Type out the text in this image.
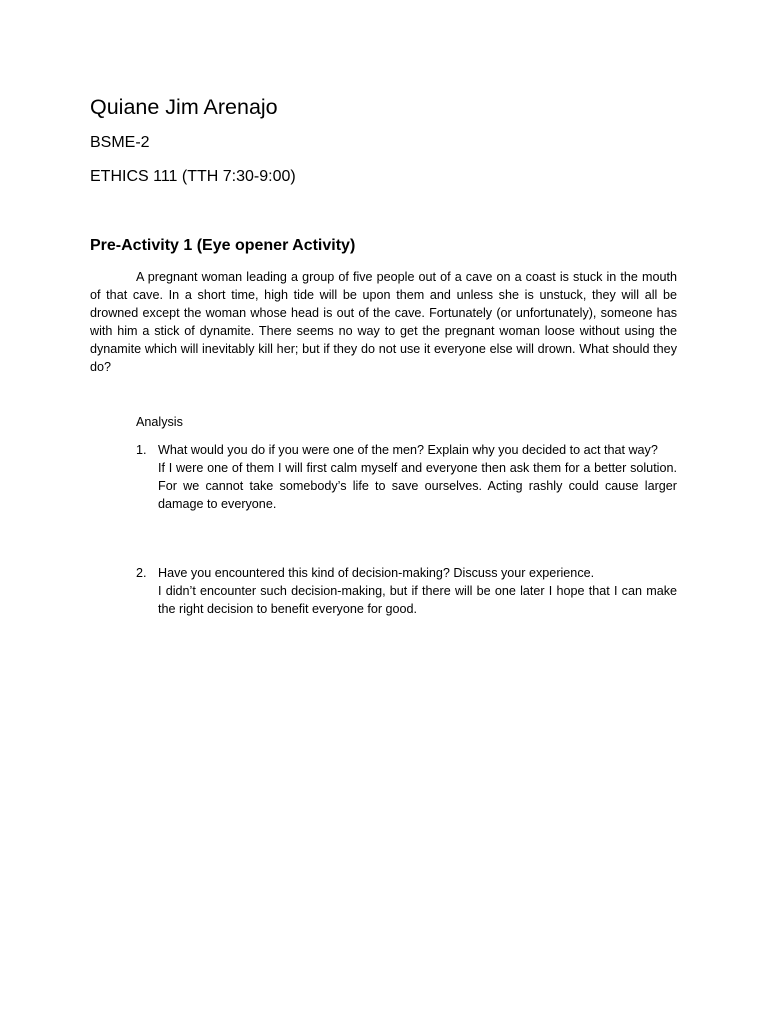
Quiane Jim Arenajo
BSME-2
ETHICS 111 (TTH 7:30-9:00)
Pre-Activity 1 (Eye opener Activity)

A pregnant woman leading a group of five people out of a cave on a coast is stuck in the mouth of that cave. In a short time, high tide will be upon them and unless she is unstuck, they will all be drowned except the woman whose head is out of the cave. Fortunately (or unfortunately), someone has with him a stick of dynamite. There seems no way to get the pregnant woman loose without using the dynamite which will inevitably kill her; but if they do not use it everyone else will drown. What should they do?

Analysis
1. What would you do if you were one of the men? Explain why you decided to act that way?

If I were one of them I will first calm myself and everyone then ask them for a better solution. For we cannot take somebody’s life to save ourselves. Acting rashly could cause larger damage to everyone.

2. Have you encountered this kind of decision-making? Discuss your experience.

I didn’t encounter such decision-making, but if there will be one later I hope that I can make the right decision to benefit everyone for good.
